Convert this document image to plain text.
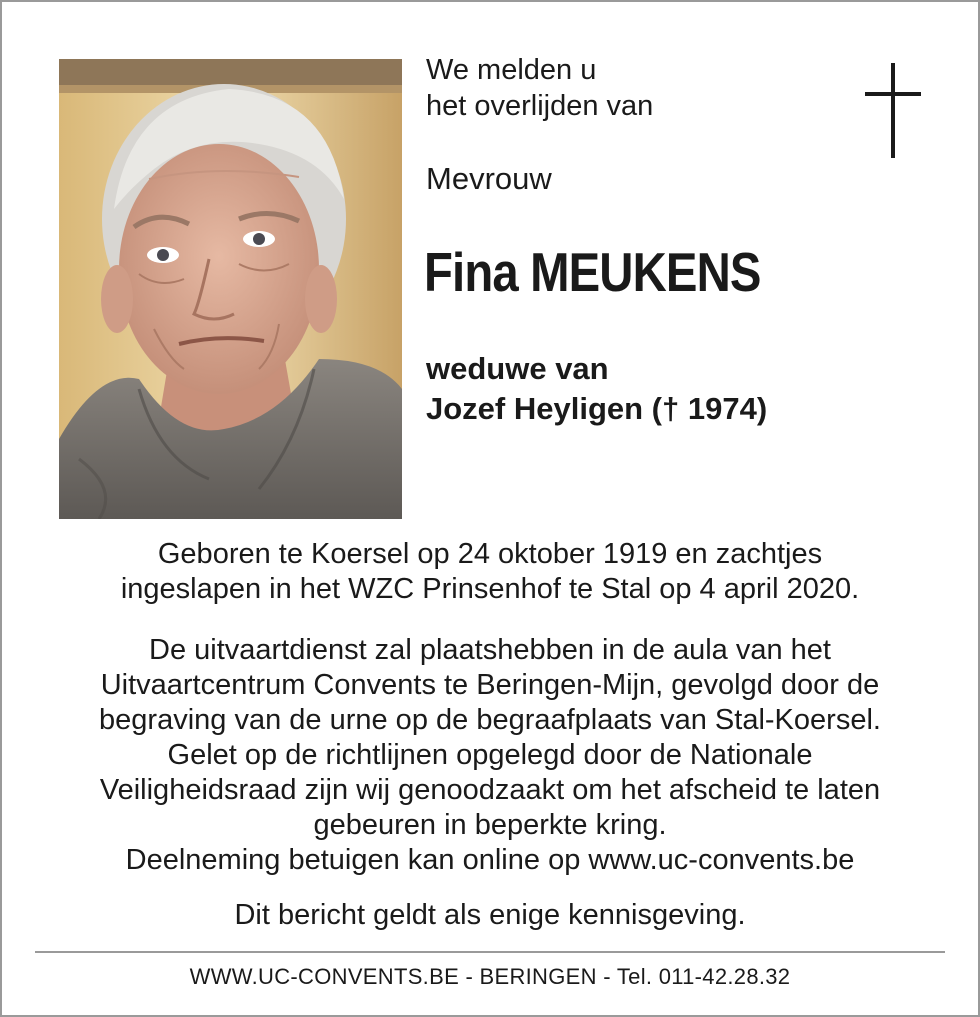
We melden u
het overlijden van
Mevrouw
Fina MEUKENS
weduwe van
Jozef Heyligen († 1974)
Geboren te Koersel op 24 oktober 1919 en zachtjes
ingeslapen in het WZC Prinsenhof te Stal op 4 april 2020.
De uitvaartdienst zal plaatshebben in de aula van het
Uitvaartcentrum Convents te Beringen-Mijn, gevolgd door de
begraving van de urne op de begraafplaats van Stal-Koersel.
Gelet op de richtlijnen opgelegd door de Nationale
Veiligheidsraad zijn wij genoodzaakt om het afscheid te laten
gebeuren in beperkte kring.
Deelneming betuigen kan online op www.uc-convents.be
Dit bericht geldt als enige kennisgeving.
WWW.UC-CONVENTS.BE - BERINGEN - Tel. 011-42.28.32
